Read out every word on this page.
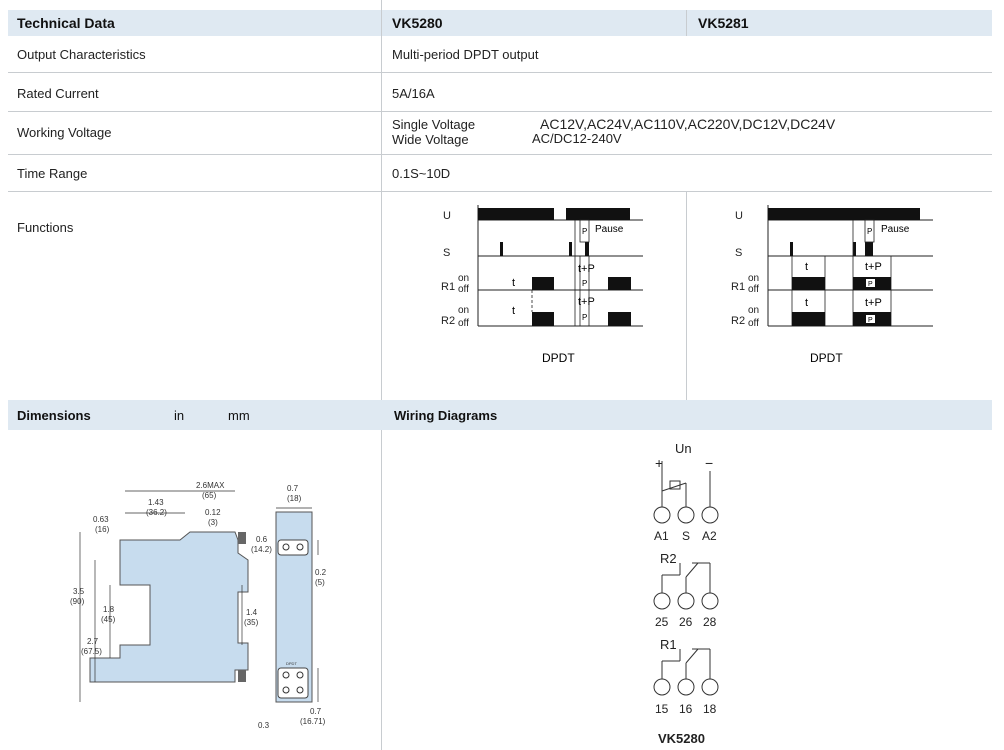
Technical Data	VK5280	VK5281
Output Characteristics	Multi-period DPDT output
Rated Current	5A/16A
Working Voltage
Single Voltage	AC12V,AC24V,AC110V,AC220V,DC12V,DC24V
Wide Voltage	AC/DC12-240V
Time Range	0.1S~10D
Functions
U
S
on
R1 off
on
R2 off
P Pause
t
t+P
P
t
t+P
P
DPDT
U
S
on
R1 off
on
R2 off
P Pause
P
t	t+P
P
t	t+P
DPDT
Dimensions	in	mm	Wiring Diagrams
DPDT
2.6MAX
(65)
1.43
(36.2)	0.12
(3)
0.63
(16)
3.5
(90)
1.8
(45)
2.7
(67.5)
0.6
(14.2)
1.4
(35)
0.3
0.7
(18)
0.2
(5)
0.7
(16.71)
Un
+	−
A1 S A2
R2
25 26 28
R1
15 16 18
VK5280
